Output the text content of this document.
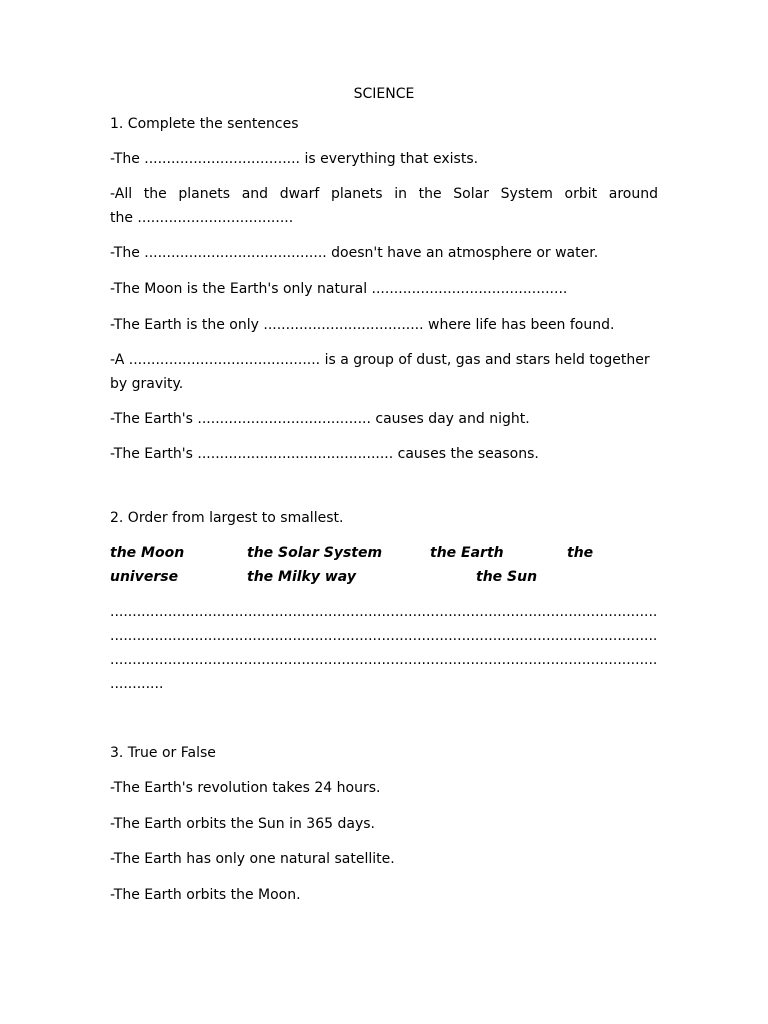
SCIENCE
1. Complete the sentences
-The ................................... is everything that exists.
-All the planets and dwarf planets in the Solar System orbit around
the ...................................
-The ......................................... doesn't have an atmosphere or water.
-The Moon is the Earth's only natural ............................................
-The Earth is the only .................................... where life has been found.
-A ........................................... is a group of dust, gas and stars held together
by gravity.
-The Earth's ....................................... causes day and night.
-The Earth's ............................................ causes the seasons.
2. Order from largest to smallest.
the Moon	the Solar System	the Earth	the
universe	the Milky way	the Sun
...........................................................................................................................
...........................................................................................................................
...........................................................................................................................
............
3. True or False
-The Earth's revolution takes 24 hours.
-The Earth orbits the Sun in 365 days.
-The Earth has only one natural satellite.
-The Earth orbits the Moon.
